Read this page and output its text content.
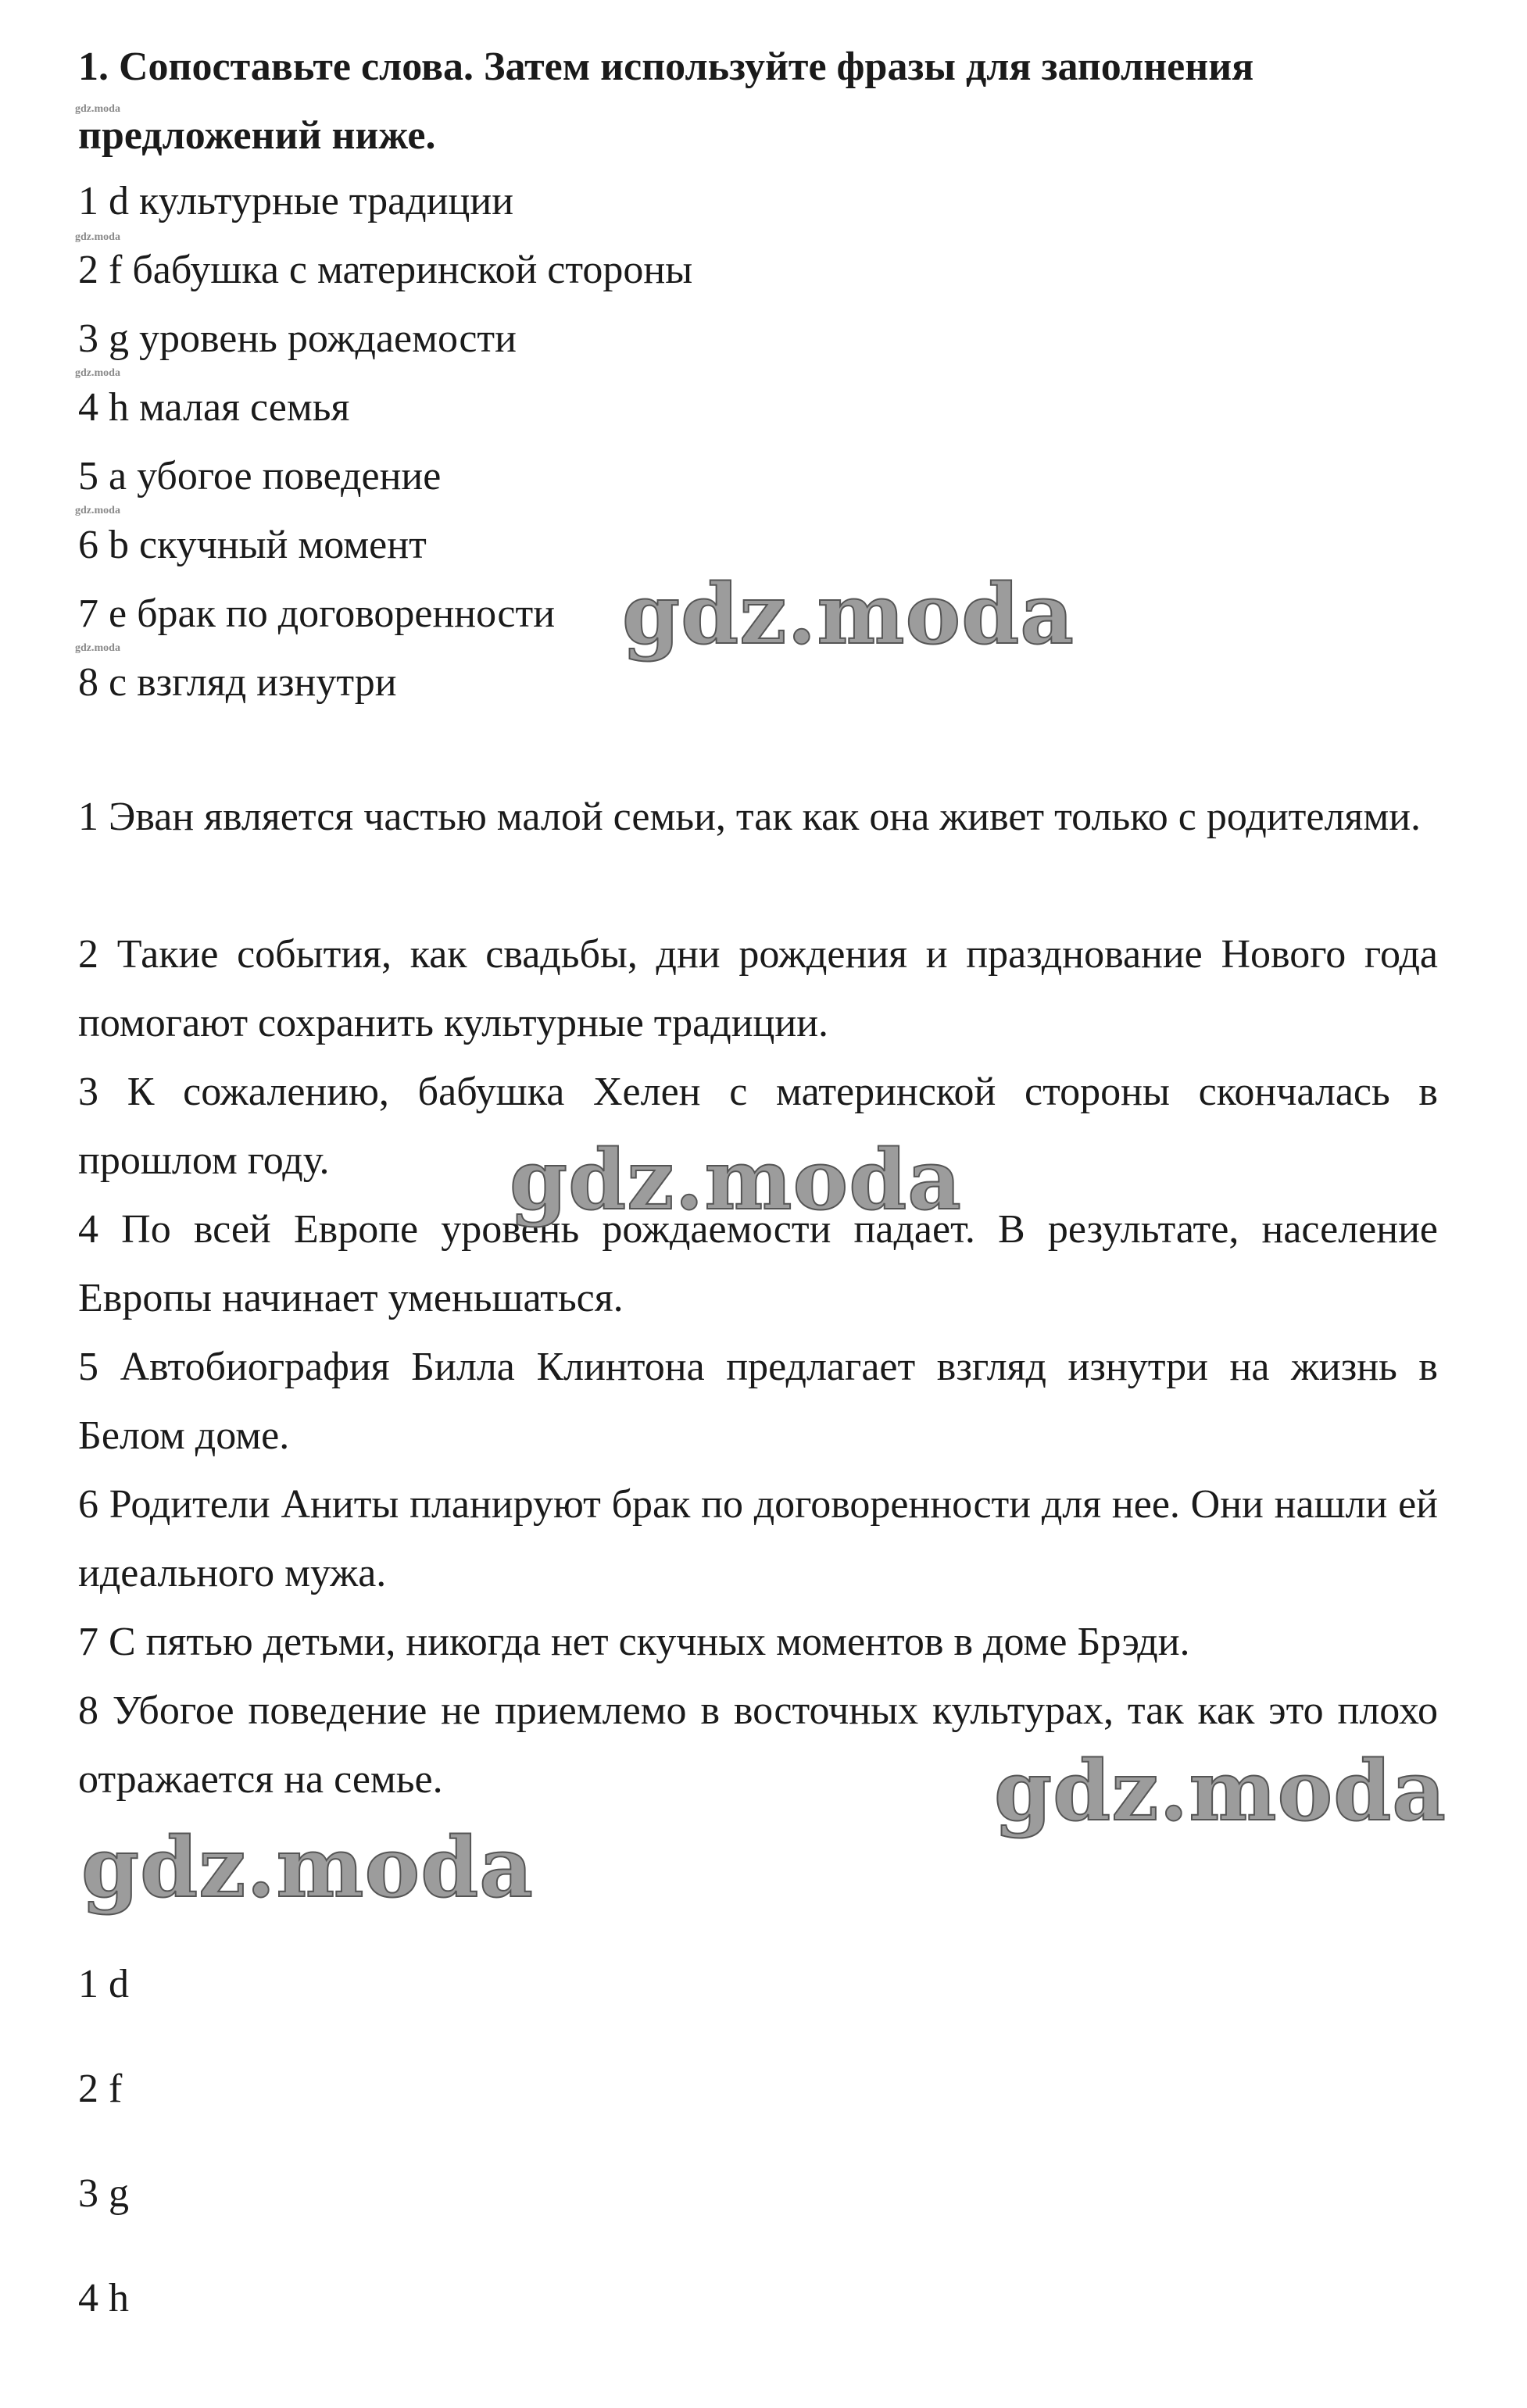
1. Сопоставьте слова. Затем используйте фразы для заполнения предложений ниже.
1 d культурные традиции
2 f бабушка с материнской стороны
3 g уровень рождаемости
4 h малая семья
5 a убогое поведение
6 b скучный момент
7 e брак по договоренности
8 c взгляд изнутри
1 Эван является частью малой семьи, так как она живет только с родителями.
2 Такие события, как свадьбы, дни рождения и празднование Нового года помогают сохранить культурные традиции.
3 К сожалению, бабушка Хелен с материнской стороны скончалась в прошлом году.
4 По всей Европе уровень рождаемости падает. В результате, население Европы начинает уменьшаться.
5 Автобиография Билла Клинтона предлагает взгляд изнутри на жизнь в Белом доме.
6 Родители Аниты планируют брак по договоренности для нее. Они нашли ей идеального мужа.
7 С пятью детьми, никогда нет скучных моментов в доме Брэди.
8 Убогое поведение не приемлемо в восточных культурах, так как это плохо отражается на семье.
1 d
2 f
3 g
4 h
gdz.moda
gdz.moda
gdz.moda
gdz.moda
gdz.moda	gdz.moda
gdz.moda
gdz.moda
gdz.moda
